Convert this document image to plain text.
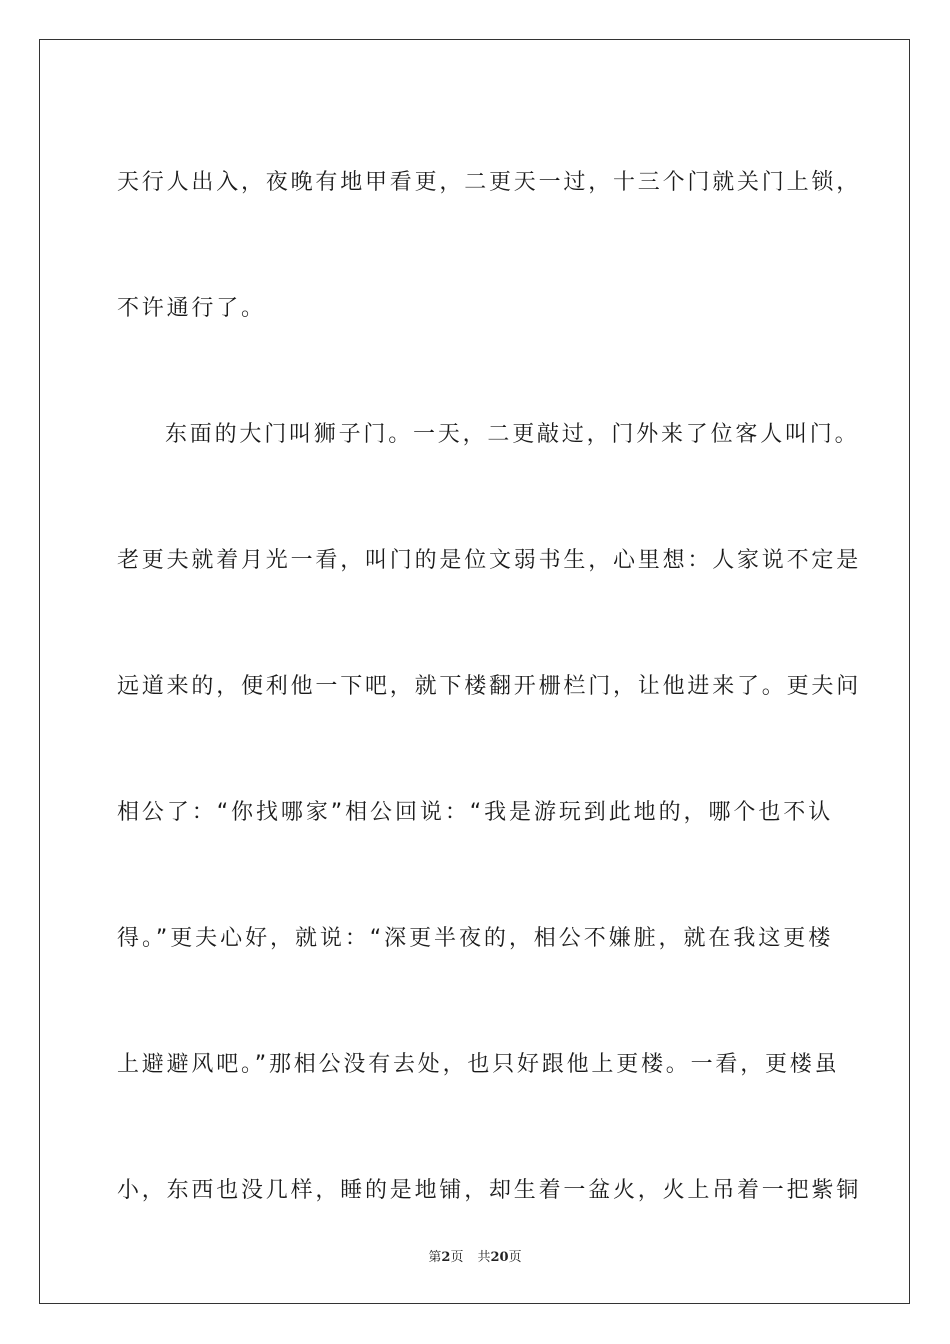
天行人出入，夜晚有地甲看更，二更天一过，十三个门就关门上锁，
不许通行了。
东面的大门叫狮子门。一天，二更敲过，门外来了位客人叫门。
老更夫就着月光一看，叫门的是位文弱书生，心里想：人家说不定是
远道来的，便利他一下吧，就下楼翻开栅栏门，让他进来了。更夫问
相公了：“你找哪家”相公回说：“我是游玩到此地的，哪个也不认
得。”更夫心好，就说：“深更半夜的，相公不嫌脏，就在我这更楼
上避避风吧。”那相公没有去处，也只好跟他上更楼。一看，更楼虽
小，东西也没几样，睡的是地铺，却生着一盆火，火上吊着一把紫铜
第2页 共20页
